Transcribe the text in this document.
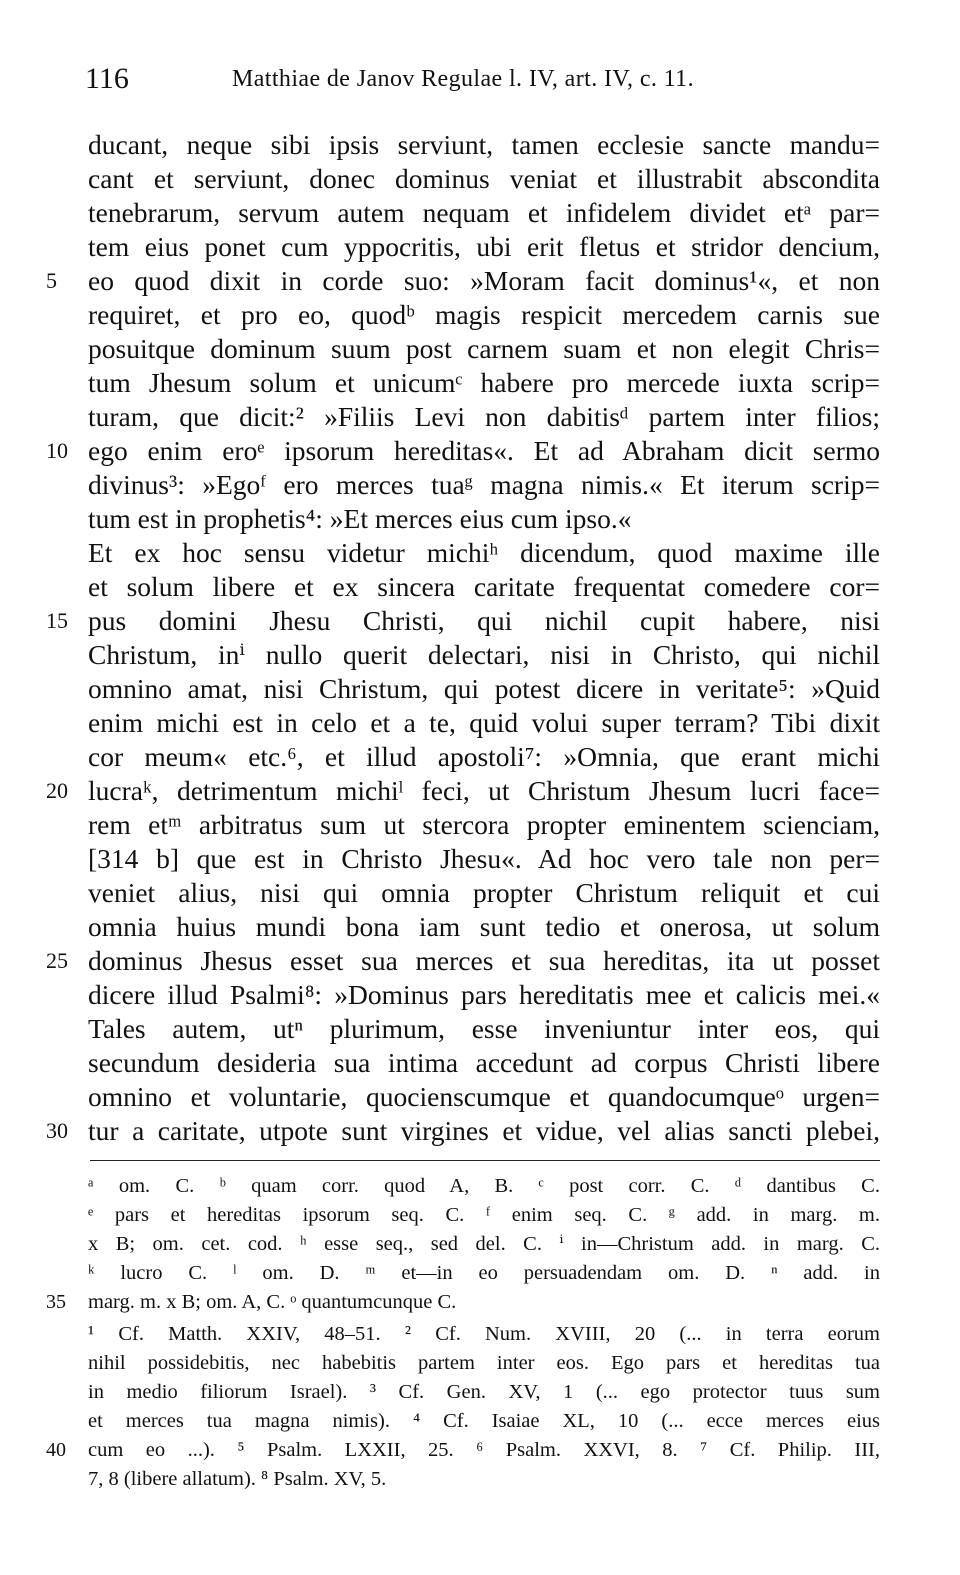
116	Matthiae de Janov Regulae l. IV, art. IV, c. 11.
ducant, neque sibi ipsis serviunt, tamen ecclesie sancte mandu=
cant et serviunt, donec dominus veniat et illustrabit abscondita
tenebrarum, servum autem nequam et infidelem dividet etᵃ par=
tem eius ponet cum yppocritis, ubi erit fletus et stridor dencium,
5	eo quod dixit in corde suo: »Moram facit dominus¹«, et non
requiret, et pro eo, quodᵇ magis respicit mercedem carnis sue
posuitque dominum suum post carnem suam et non elegit Chris=
tum Jhesum solum et unicumᶜ habere pro mercede iuxta scrip=
turam, que dicit:² »Filiis Levi non dabitisᵈ partem inter filios;
10 ego enim eroᵉ ipsorum hereditas«. Et ad Abraham dicit sermo
divinus³: »Egoᶠ ero merces tuaᵍ magna nimis.« Et iterum scrip=
tum est in prophetis⁴: »Et merces eius cum ipso.«
Et ex hoc sensu videtur michiʰ dicendum, quod maxime ille
et solum libere et ex sincera caritate frequentat comedere cor=
15 pus domini Jhesu Christi, qui nichil cupit habere, nisi
Christum, inⁱ nullo querit delectari, nisi in Christo, qui nichil
omnino amat, nisi Christum, qui potest dicere in veritate⁵: »Quid
enim michi est in celo et a te, quid volui super terram? Tibi dixit
cor meum« etc.⁶, et illud apostoli⁷: »Omnia, que erant michi
20 lucraᵏ, detrimentum michiˡ feci, ut Christum Jhesum lucri face=
rem etᵐ arbitratus sum ut stercora propter eminentem scienciam,
[314 b] que est in Christo Jhesu«. Ad hoc vero tale non per=
veniet alius, nisi qui omnia propter Christum reliquit et cui
omnia huius mundi bona iam sunt tedio et onerosa, ut solum
25 dominus Jhesus esset sua merces et sua hereditas, ita ut posset
dicere illud Psalmi⁸: »Dominus pars hereditatis mee et calicis mei.«
Tales autem, utⁿ plurimum, esse inveniuntur inter eos, qui
secundum desideria sua intima accedunt ad corpus Christi libere
omnino et voluntarie, quocienscumque et quandocumqueᵒ urgen=
30 tur a caritate, utpote sunt virgines et vidue, vel alias sancti plebei,
ᵃ om. C. ᵇ quam corr. quod A, B. ᶜ post corr. C. ᵈ dantibus C.
ᵉ pars et hereditas ipsorum seq. C. ᶠ enim seq. C. ᵍ add. in marg. m.
x B; om. cet. cod. ʰ esse seq., sed del. C. ⁱ in—Christum add. in marg. C.
ᵏ lucro C. ˡ om. D. ᵐ et—in eo persuadendam om. D. ⁿ add. in
35 marg. m. x B; om. A, C. ᵒ quantumcunque C.
¹ Cf. Matth. XXIV, 48–51. ² Cf. Num. XVIII, 20 (... in terra eorum
nihil possidebitis, nec habebitis partem inter eos. Ego pars et hereditas tua
in medio filiorum Israel). ³ Cf. Gen. XV, 1 (... ego protector tuus sum
et merces tua magna nimis). ⁴ Cf. Isaiae XL, 10 (... ecce merces eius
40 cum eo ...). ⁵ Psalm. LXXII, 25. ⁶ Psalm. XXVI, 8. ⁷ Cf. Philip. III,
7, 8 (libere allatum). ⁸ Psalm. XV, 5.
